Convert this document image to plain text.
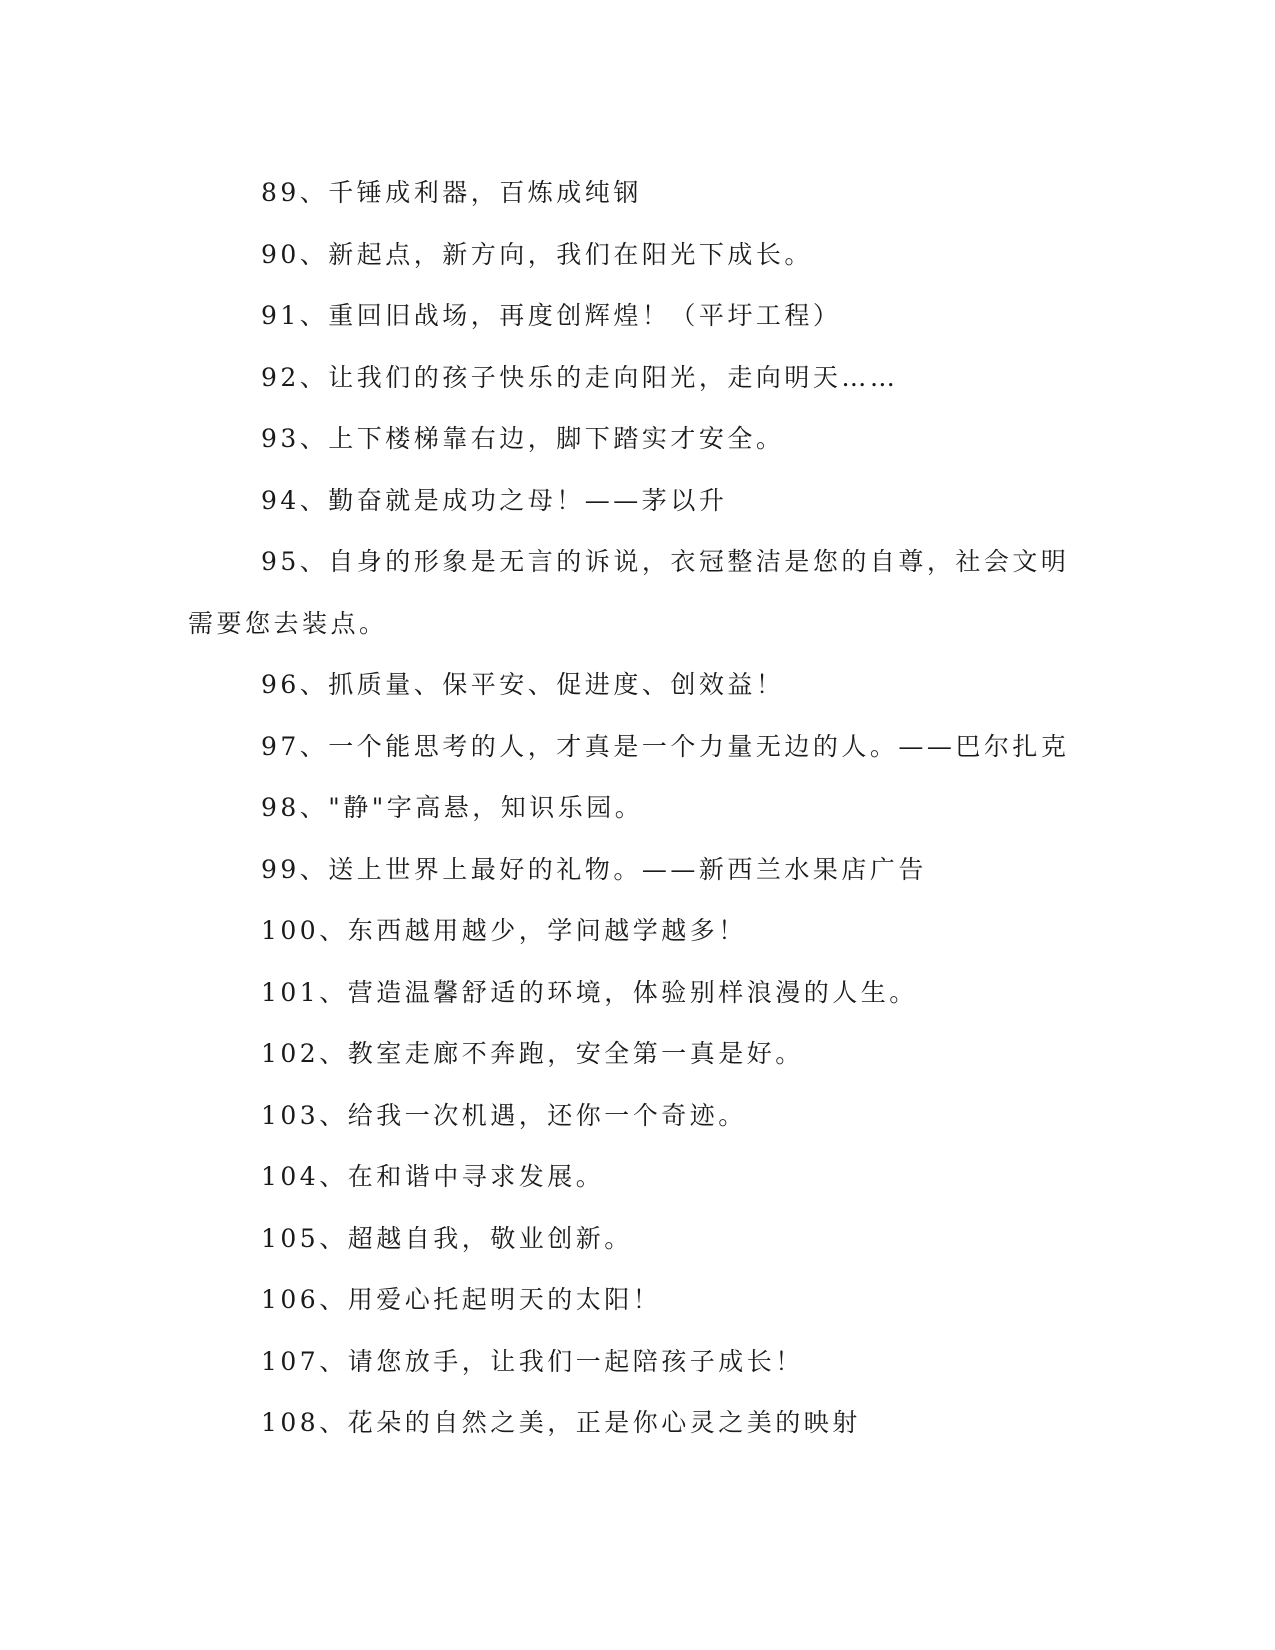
89、千锤成利器，百炼成纯钢

90、新起点，新方向，我们在阳光下成长。

91、重回旧战场，再度创辉煌！（平圩工程）

92、让我们的孩子快乐的走向阳光，走向明天……

93、上下楼梯靠右边，脚下踏实才安全。

94、勤奋就是成功之母！——茅以升

95、自身的形象是无言的诉说，衣冠整洁是您的自尊，社会文明需要您去装点。

96、抓质量、保平安、促进度、创效益！

97、一个能思考的人，才真是一个力量无边的人。——巴尔扎克

98、"静"字高悬，知识乐园。

99、送上世界上最好的礼物。——新西兰水果店广告

100、东西越用越少，学问越学越多！

101、营造温馨舒适的环境，体验别样浪漫的人生。

102、教室走廊不奔跑，安全第一真是好。

103、给我一次机遇，还你一个奇迹。

104、在和谐中寻求发展。

105、超越自我，敬业创新。

106、用爱心托起明天的太阳！

107、请您放手，让我们一起陪孩子成长！

108、花朵的自然之美，正是你心灵之美的映射
